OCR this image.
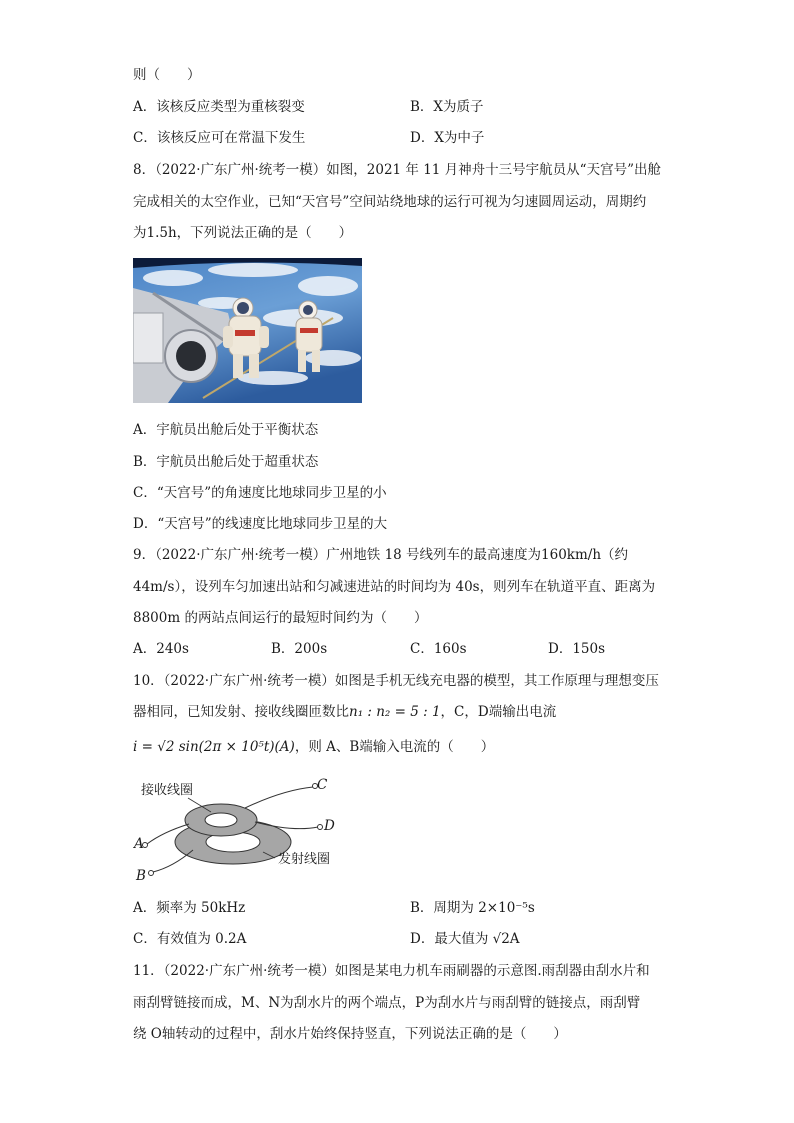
则（　　）
A．该核反应类型为重核裂变	B．X为质子
C．该核反应可在常温下发生	D．X为中子
8．（2022·广东广州·统考一模）如图，2021 年 11 月神舟十三号宇航员从“天宫号”出舱
完成相关的太空作业，已知“天宫号”空间站绕地球的运行可视为匀速圆周运动，周期约
为1.5h，下列说法正确的是（　　）
A．宇航员出舱后处于平衡状态
B．宇航员出舱后处于超重状态
C．“天宫号”的角速度比地球同步卫星的小
D．“天宫号”的线速度比地球同步卫星的大
9．（2022·广东广州·统考一模）广州地铁 18 号线列车的最高速度为160km/h（约
44m/s），设列车匀加速出站和匀减速进站的时间均为 40s，则列车在轨道平直、距离为
8800m 的两站点间运行的最短时间约为（　　）
A．240s	B．200s	C．160s	D．150s
10．（2022·广东广州·统考一模）如图是手机无线充电器的模型，其工作原理与理想变压
器相同，已知发射、接收线圈匝数比n₁ : n₂ = 5 : 1，C，D端输出电流
i = √2 sin(2π × 10⁵t)(A)，则 A、B端输入电流的（　　）
接收线圈
发射线圈
C
D
A
B
A．频率为 50kHz	B．周期为 2×10⁻⁵s
C．有效值为 0.2A	D．最大值为 √2A
11．（2022·广东广州·统考一模）如图是某电力机车雨刷器的示意图.雨刮器由刮水片和
雨刮臂链接而成，M、N为刮水片的两个端点，P为刮水片与雨刮臂的链接点，雨刮臂
绕 O轴转动的过程中，刮水片始终保持竖直，下列说法正确的是（　　）
